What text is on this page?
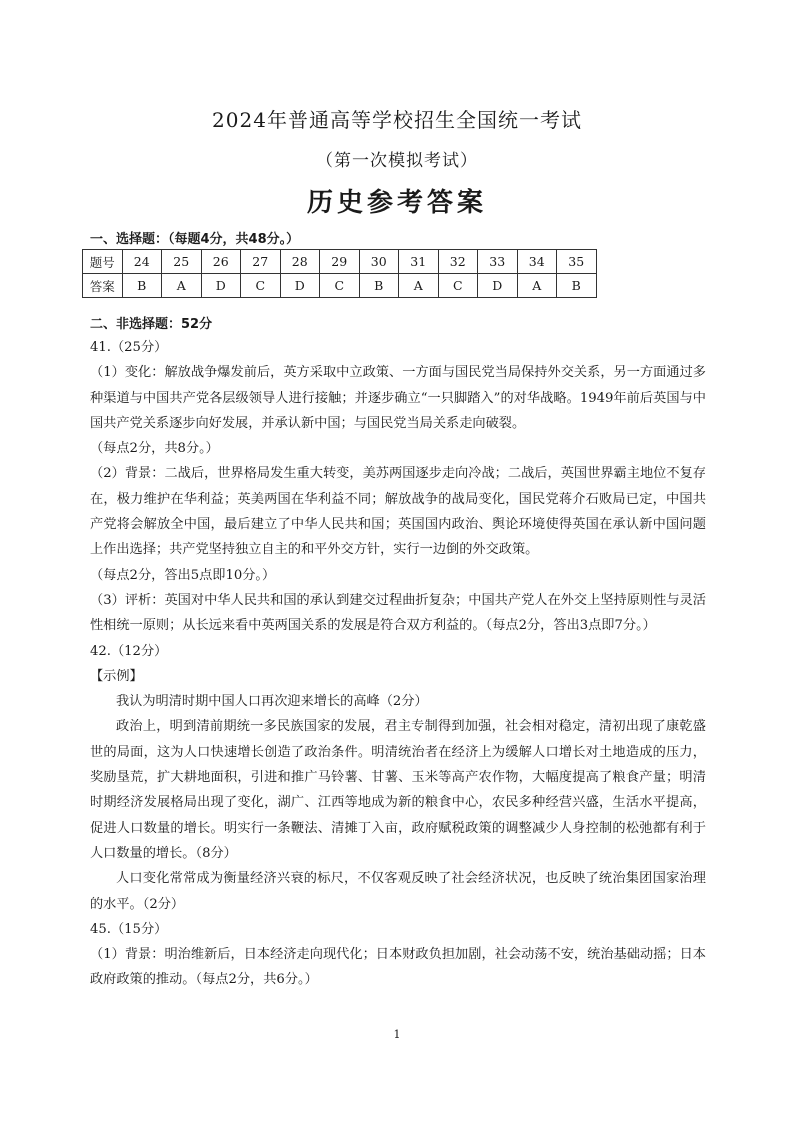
2024年普通高等学校招生全国统一考试
（第一次模拟考试）
历史参考答案
一、选择题：（每题4分，共48分。）
题号	24	25	26	27	28	29	30	31	32	33	34	35
答案	B	A	D	C	D	C	B	A	C	D	A	B
二、非选择题：52分

41.（25分）

（1）变化：解放战争爆发前后，英方采取中立政策、一方面与国民党当局保持外交关系，另一方面通过多种渠道与中国共产党各层级领导人进行接触；并逐步确立“一只脚踏入”的对华战略。1949年前后英国与中国共产党关系逐步向好发展，并承认新中国；与国民党当局关系走向破裂。

（每点2分，共8分。）

（2）背景：二战后，世界格局发生重大转变，美苏两国逐步走向冷战；二战后，英国世界霸主地位不复存在，极力维护在华利益；英美两国在华利益不同；解放战争的战局变化，国民党蒋介石败局已定，中国共产党将会解放全中国，最后建立了中华人民共和国；英国国内政治、舆论环境使得英国在承认新中国问题上作出选择；共产党坚持独立自主的和平外交方针，实行一边倒的外交政策。

（每点2分，答出5点即10分。）

（3）评析：英国对中华人民共和国的承认到建交过程曲折复杂；中国共产党人在外交上坚持原则性与灵活性相统一原则；从长远来看中英两国关系的发展是符合双方利益的。（每点2分，答出3点即7分。）

42.（12分）

【示例】

我认为明清时期中国人口再次迎来增长的高峰（2分）

政治上，明到清前期统一多民族国家的发展，君主专制得到加强，社会相对稳定，清初出现了康乾盛世的局面，这为人口快速增长创造了政治条件。明清统治者在经济上为缓解人口增长对土地造成的压力，奖励垦荒，扩大耕地面积，引进和推广马铃薯、甘薯、玉米等高产农作物，大幅度提高了粮食产量；明清时期经济发展格局出现了变化，湖广、江西等地成为新的粮食中心，农民多种经营兴盛，生活水平提高，促进人口数量的增长。明实行一条鞭法、清摊丁入亩，政府赋税政策的调整减少人身控制的松弛都有利于人口数量的增长。（8分）

人口变化常常成为衡量经济兴衰的标尺，不仅客观反映了社会经济状况，也反映了统治集团国家治理的水平。（2分）

45.（15分）

（1）背景：明治维新后，日本经济走向现代化；日本财政负担加剧，社会动荡不安，统治基础动摇；日本政府政策的推动。（每点2分，共6分。）

1
